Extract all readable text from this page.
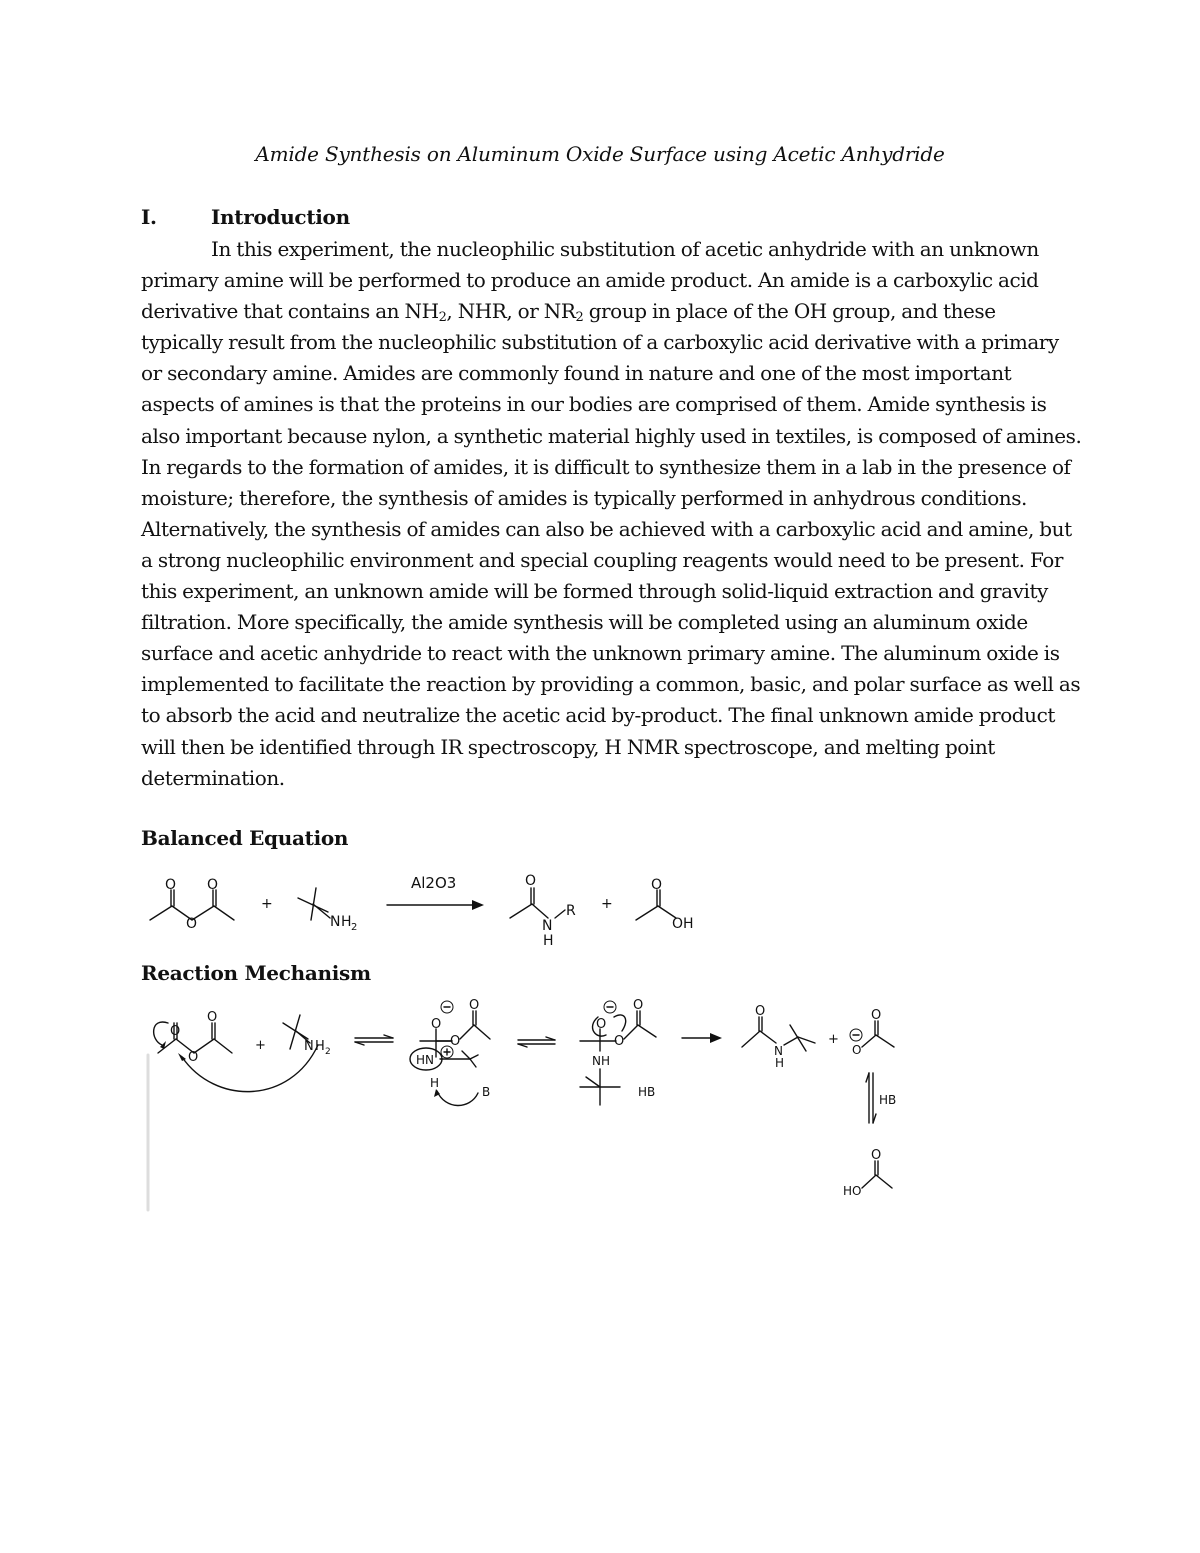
Amide Synthesis on Aluminum Oxide Surface using Acetic Anhydride
I.	Introduction
In this experiment, the nucleophilic substitution of acetic anhydride with an unknown
primary amine will be performed to produce an amide product. An amide is a carboxylic acid
derivative that contains an $NH_2$, NHR, or $NR_2$ group in place of the OH group, and these
typically result from the nucleophilic substitution of a carboxylic acid derivative with a primary
or secondary amine. Amides are commonly found in nature and one of the most important
aspects of amines is that the proteins in our bodies are comprised of them. Amide synthesis is
also important because nylon, a synthetic material highly used in textiles, is composed of amines.
In regards to the formation of amides, it is difficult to synthesize them in a lab in the presence of
moisture; therefore, the synthesis of amides is typically performed in anhydrous conditions.
Alternatively, the synthesis of amides can also be achieved with a carboxylic acid and amine, but
a strong nucleophilic environment and special coupling reagents would need to be present. For
this experiment, an unknown amide will be formed through solid-liquid extraction and gravity
filtration. More specifically, the amide synthesis will be completed using an aluminum oxide
surface and acetic anhydride to react with the unknown primary amine. The aluminum oxide is
implemented to facilitate the reaction by providing a common, basic, and polar surface as well as
to absorb the acid and neutralize the acetic acid by-product. The final unknown amide product
will then be identified through IR spectroscopy, H NMR spectroscope, and melting point
determination.
Balanced Equation
O O
O
+
N H 2
Al2O3	O
N
H
R +
O
OH
Reaction Mechanism
O
O
O
+	N H 2
O
O
O
HN
H
B
O
O
O
NH
HB
O
N
H
+
O
O
HB
HO
O
